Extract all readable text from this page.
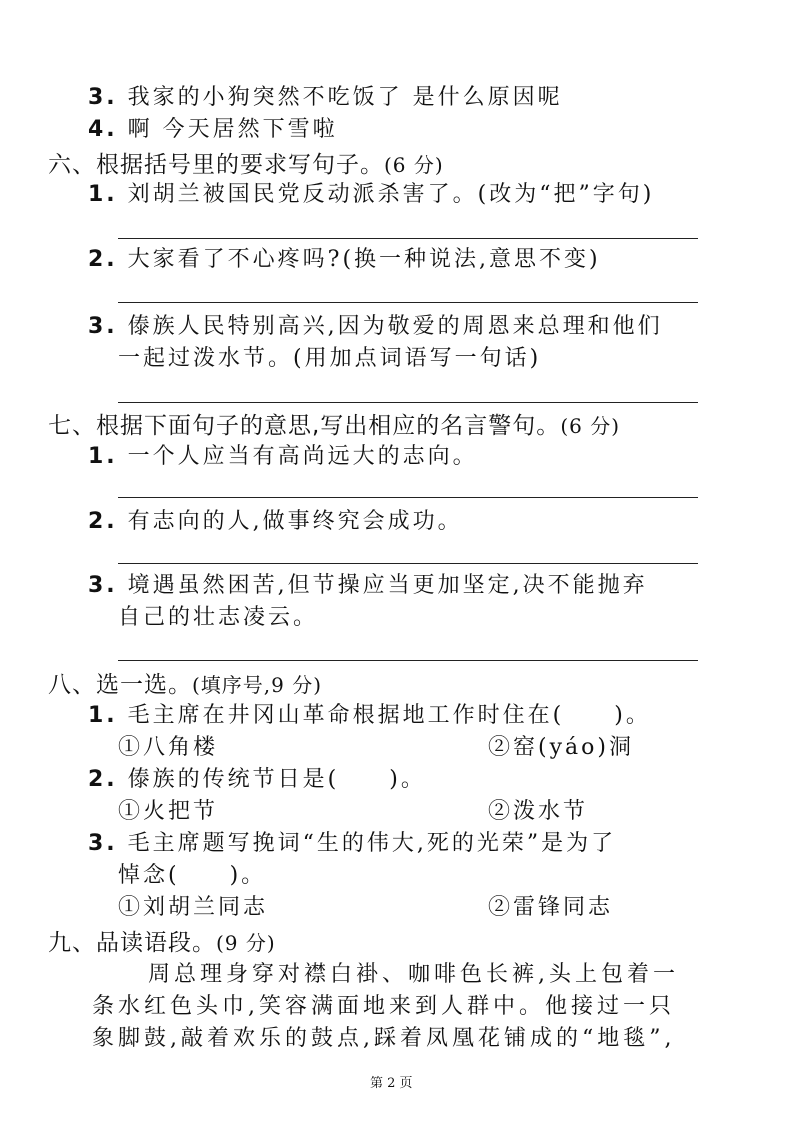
3. 我家的小狗突然不吃饭了 是什么原因呢
4. 啊 今天居然下雪啦
六、根据括号里的要求写句子。(6 分)
1. 刘胡兰被国民党反动派杀害了。(改为“把”字句)
2. 大家看了不心疼吗?(换一种说法,意思不变)
3. 傣族人民特别高兴,因为敬爱的周恩来总理和他们
一起过泼水节。(用加点词语写一句话)
七、根据下面句子的意思,写出相应的名言警句。(6 分)
1. 一个人应当有高尚远大的志向。
2. 有志向的人,做事终究会成功。
3. 境遇虽然困苦,但节操应当更加坚定,决不能抛弃
自己的壮志凌云。
八、选一选。(填序号,9 分)
1. 毛主席在井冈山革命根据地工作时住在(　　)。
①八角楼	②窑(yáo)洞
2. 傣族的传统节日是(　　)。
①火把节	②泼水节
3. 毛主席题写挽词“生的伟大,死的光荣”是为了
悼念(　　)。
①刘胡兰同志	②雷锋同志
九、品读语段。(9 分)
周总理身穿对襟白褂、咖啡色长裤,头上包着一
条水红色头巾,笑容满面地来到人群中。他接过一只
象脚鼓,敲着欢乐的鼓点,踩着凤凰花铺成的“地毯”,
第 2 页
